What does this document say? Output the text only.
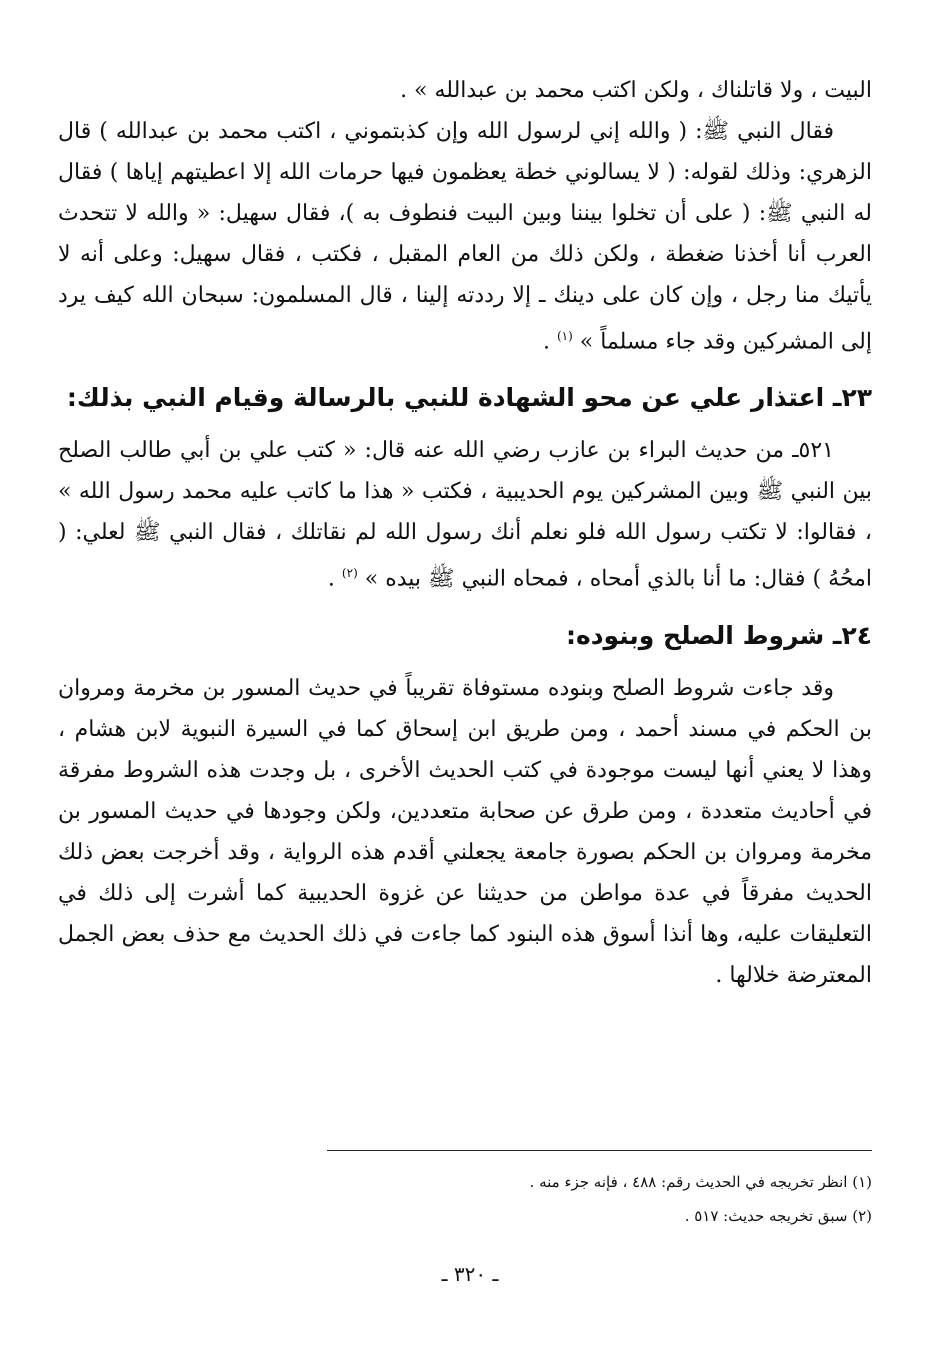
البيت ، ولا قاتلناك ، ولكن اكتب محمد بن عبدالله » .

فقال النبي ﷺ: ( والله إني لرسول الله وإن كذبتموني ، اكتب محمد بن عبدالله ) قال الزهري: وذلك لقوله: ( لا يسالوني خطة يعظمون فيها حرمات الله إلا اعطيتهم إياها ) فقال له النبي ﷺ: ( على أن تخلوا بيننا وبين البيت فنطوف به )، فقال سهيل: « والله لا تتحدث العرب أنا أخذنا ضغطة ، ولكن ذلك من العام المقبل ، فكتب ، فقال سهيل: وعلى أنه لا يأتيك منا رجل ، وإن كان على دينك ـ إلا رددته إلينا ، قال المسلمون: سبحان الله كيف يرد إلى المشركين وقد جاء مسلماً » $^{(١)}$ .

٢٣ـ اعتذار علي عن محو الشهادة للنبي بالرسالة وقيام النبي بذلك:

٥٢١ـ من حديث البراء بن عازب رضي الله عنه قال: « كتب علي بن أبي طالب الصلح بين النبي ﷺ وبين المشركين يوم الحديبية ، فكتب « هذا ما كاتب عليه محمد رسول الله » ، فقالوا: لا تكتب رسول الله فلو نعلم أنك رسول الله لم نقاتلك ، فقال النبي ﷺ لعلي: ( امحُهُ ) فقال: ما أنا بالذي أمحاه ، فمحاه النبي ﷺ بيده » $^{(٢)}$ .

٢٤ـ شروط الصلح وبنوده:

وقد جاءت شروط الصلح وبنوده مستوفاة تقريباً في حديث المسور بن مخرمة ومروان بن الحكم في مسند أحمد ، ومن طريق ابن إسحاق كما في السيرة النبوية لابن هشام ، وهذا لا يعني أنها ليست موجودة في كتب الحديث الأخرى ، بل وجدت هذه الشروط مفرقة في أحاديث متعددة ، ومن طرق عن صحابة متعددين، ولكن وجودها في حديث المسور بن مخرمة ومروان بن الحكم بصورة جامعة يجعلني أقدم هذه الرواية ، وقد أخرجت بعض ذلك الحديث مفرقاً في عدة مواطن من حديثنا عن غزوة الحديبية كما أشرت إلى ذلك في التعليقات عليه، وها أنذا أسوق هذه البنود كما جاءت في ذلك الحديث مع حذف بعض الجمل المعترضة خلالها .

(١) انظر تخريجه في الحديث رقم: ٤٨٨ ، فإنه جزء منه .

(٢) سبق تخريجه حديث: ٥١٧ .

ـ ٣٢٠ ـ
